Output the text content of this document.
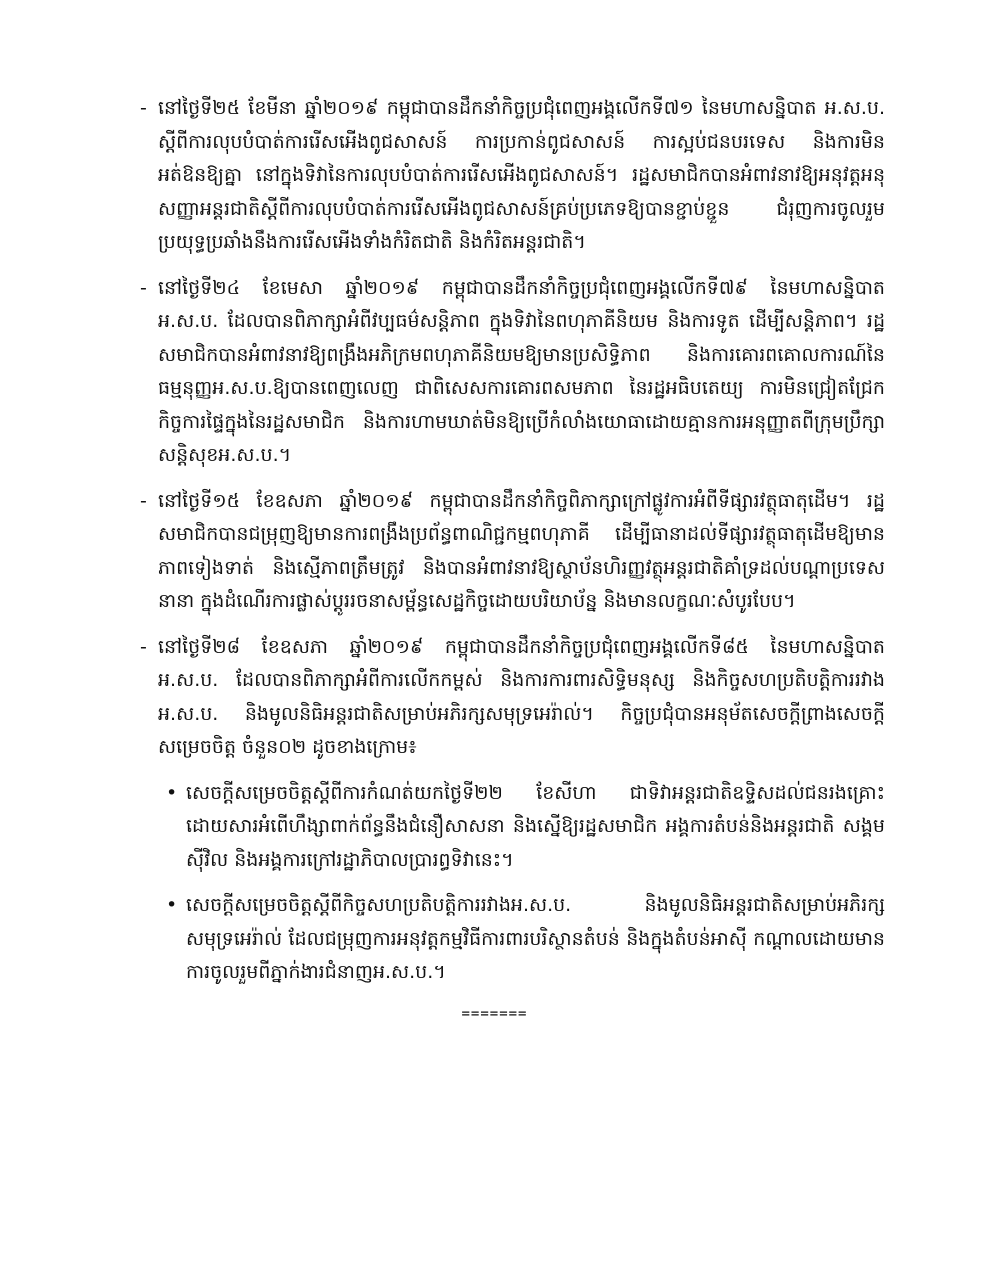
- នៅថ្ងៃទី២៥ ខែមីនា ឆ្នាំ២០១៩ កម្ពុជាបានដឹកនាំកិច្ចប្រជុំពេញអង្គលើកទី៧១ នៃមហាសន្និបាត អ.ស.ប. ស្តីពីការលុបបំបាត់ការរើសអើងពូជសាសន៍ ការប្រកាន់ពូជសាសន៍ ការស្អប់ជនបរទេស និងការមិនអត់ឱនឱ្យគ្នា នៅក្នុងទិវានៃការលុបបំបាត់ការរើសអើងពូជសាសន៍។ រដ្ឋសមាជិកបានអំពាវនាវឱ្យអនុវត្តអនុសញ្ញាអន្តរជាតិស្តីពីការលុបបំបាត់ការរើសអើងពូជសាសន៍គ្រប់ប្រភេទឱ្យបានខ្ជាប់ខ្ជួន ជំរុញការចូលរួមប្រយុទ្ធប្រឆាំងនឹងការរើសអើងទាំងកំរិតជាតិ និងកំរិតអន្តរជាតិ។
- នៅថ្ងៃទី២៤ ខែមេសា ឆ្នាំ២០១៩ កម្ពុជាបានដឹកនាំកិច្ចប្រជុំពេញអង្គលើកទី៧៩ នៃមហាសន្និបាត អ.ស.ប. ដែលបានពិភាក្សាអំពីវប្បធម៌សន្តិភាព ក្នុងទិវានៃពហុភាគីនិយម និងការទូត ដើម្បីសន្តិភាព។ រដ្ឋសមាជិកបានអំពាវនាវឱ្យពង្រឹងអភិក្រមពហុភាគីនិយមឱ្យមានប្រសិទ្ធិភាព និងការគោរពគោលការណ៍នៃធម្មនុញ្ញអ.ស.ប.ឱ្យបានពេញលេញ ជាពិសេសការគោរពសមភាព នៃរដ្ឋអធិបតេយ្យ ការមិនជ្រៀតជ្រែកកិច្ចការផ្ទៃក្នុងនៃរដ្ឋសមាជិក និងការហាមឃាត់មិនឱ្យប្រើកំលាំងយោធាដោយគ្មានការអនុញ្ញាតពីក្រុមប្រឹក្សាសន្តិសុខអ.ស.ប.។
- នៅថ្ងៃទី១៥ ខែឧសភា ឆ្នាំ២០១៩ កម្ពុជាបានដឹកនាំកិច្ចពិភាក្សាក្រៅផ្លូវការអំពីទីផ្សារវត្ថុធាតុដើម។ រដ្ឋសមាជិកបានជម្រុញឱ្យមានការពង្រឹងប្រព័ន្ធពាណិជ្ជកម្មពហុភាគី ដើម្បីធានាដល់ទីផ្សារវត្ថុធាតុដើមឱ្យមានភាពទៀងទាត់ និងស្មើភាពត្រឹមត្រូវ និងបានអំពាវនាវឱ្យស្ថាប័នហិរញ្ញវត្ថុអន្តរជាតិគាំទ្រដល់បណ្តាប្រទេសនានា ក្នុងដំណើរការផ្លាស់ប្តូររចនាសម្ព័ន្ធសេដ្ឋកិច្ចដោយបរិយាប័ន្ន និងមានលក្ខណៈសំបូរបែប។
- នៅថ្ងៃទី២៨ ខែឧសភា ឆ្នាំ២០១៩ កម្ពុជាបានដឹកនាំកិច្ចប្រជុំពេញអង្គលើកទី៨៥ នៃមហាសន្និបាត អ.ស.ប. ដែលបានពិភាក្សាអំពីការលើកកម្ពស់ និងការការពារសិទ្ធិមនុស្ស និងកិច្ចសហប្រតិបត្តិការរវាង អ.ស.ប. និងមូលនិធិអន្តរជាតិសម្រាប់អភិរក្សសមុទ្រអេរ៉ាល់។ កិច្ចប្រជុំបានអនុម័តសេចក្តីព្រាងសេចក្តីសម្រេចចិត្ត ចំនួន០២ ដូចខាងក្រោម៖
• សេចក្តីសម្រេចចិត្តស្តីពីការកំណត់យកថ្ងៃទី២២ ខែសីហា ជាទិវាអន្តរជាតិឧទ្ទិសដល់ជនរងគ្រោះដោយសារអំពើហឹង្សាពាក់ព័ន្ធនឹងជំនឿសាសនា និងស្នើឱ្យរដ្ឋសមាជិក អង្គការតំបន់និងអន្តរជាតិ សង្គមស៊ីវិល និងអង្គការក្រៅរដ្ឋាភិបាលប្រារព្ធទិវានេះ។
• សេចក្តីសម្រេចចិត្តស្តីពីកិច្ចសហប្រតិបត្តិការរវាងអ.ស.ប. និងមូលនិធិអន្តរជាតិសម្រាប់អភិរក្សសមុទ្រអេរ៉ាល់ ដែលជម្រុញការអនុវត្តកម្មវិធីការពារបរិស្ថានតំបន់ និងក្នុងតំបន់អាស៊ី កណ្តាលដោយមានការចូលរួមពីភ្នាក់ងារជំនាញអ.ស.ប.។
=======
